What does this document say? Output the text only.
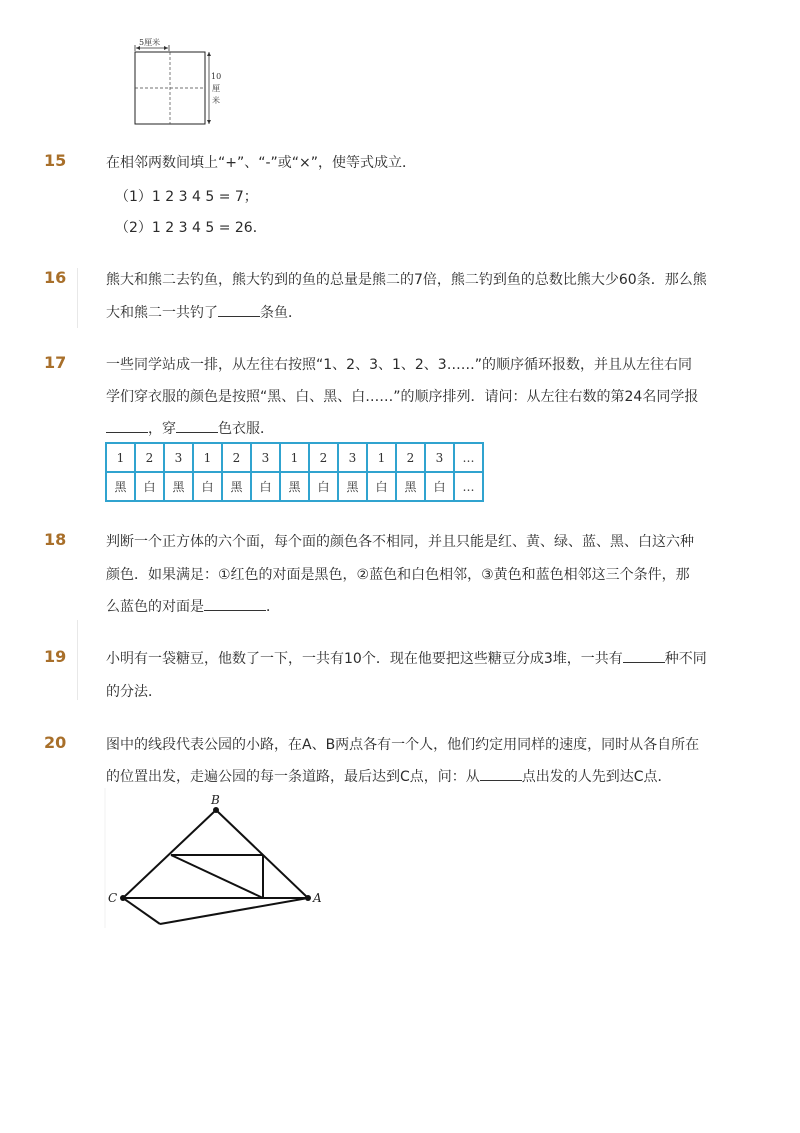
5厘米
10
厘
米
15	在相邻两数间填上“+”、“-”或“×”，使等式成立．
（1）1 2 3 4 5 = 7；
（2）1 2 3 4 5 = 26．
16	熊大和熊二去钓鱼，熊大钓到的鱼的总量是熊二的7倍，熊二钓到鱼的总数比熊大少60条．那么熊
大和熊二一共钓了	条鱼．
17	一些同学站成一排，从左往右按照“1、2、3、1、2、3……”的顺序循环报数，并且从左往右同
学们穿衣服的颜色是按照“黑、白、黑、白……”的顺序排列．请问：从左往右数的第24名同学报
，穿	色衣服．
1	2	3	1	2	3	1	2	3	1	2	3	…
黑	白	黑	白	黑	白	黑	白	黑	白	黑	白	…
18	判断一个正方体的六个面，每个面的颜色各不相同，并且只能是红、黄、绿、蓝、黑、白这六种
颜色．如果满足：①红色的对面是黑色，②蓝色和白色相邻，③黄色和蓝色相邻这三个条件，那
么蓝色的对面是	．
19	小明有一袋糖豆，他数了一下，一共有10个．现在他要把这些糖豆分成3堆，一共有	种不同
的分法．
20	图中的线段代表公园的小路，在A、B两点各有一个人，他们约定用同样的速度，同时从各自所在
的位置出发，走遍公园的每一条道路，最后达到C点，问：从	点出发的人先到达C点．
B
C	A
